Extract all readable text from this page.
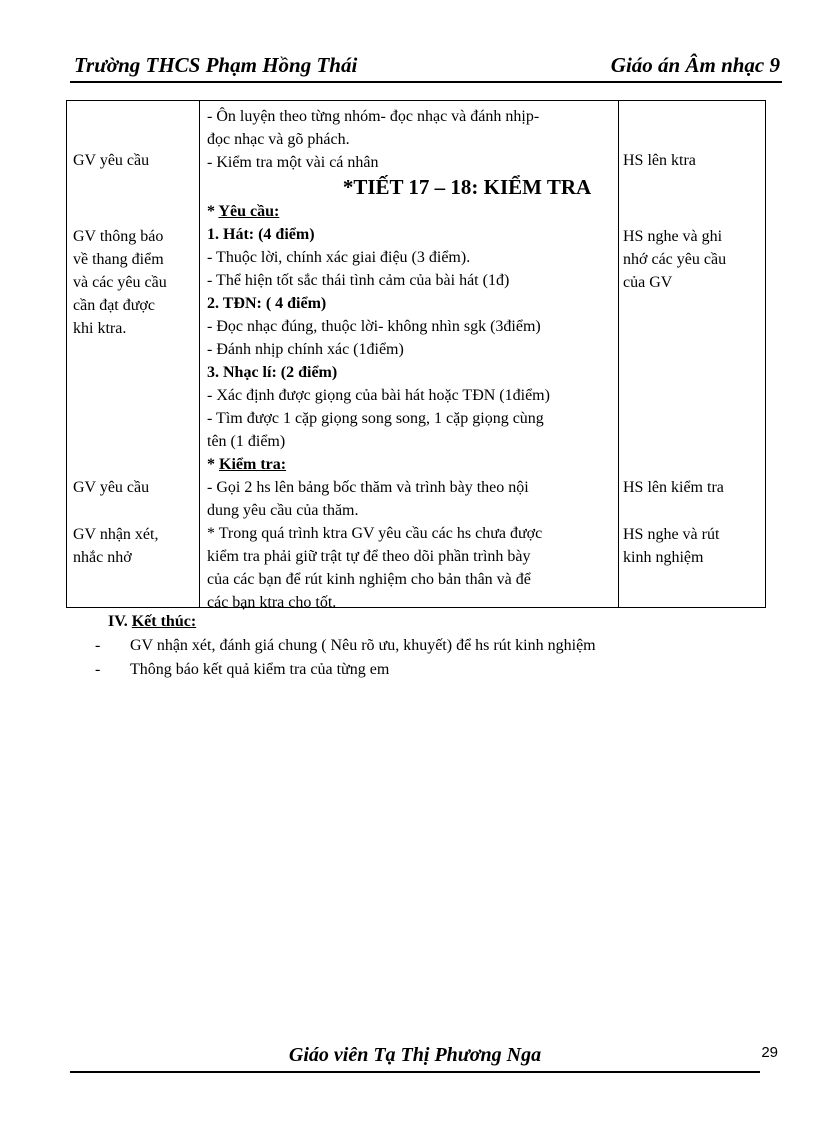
Trường THCS Phạm Hồng Thái	Giáo án Âm nhạc 9
GV yêu cầu
GV thông báo
về thang điểm
và các yêu cầu
cần đạt được
khi ktra.
GV yêu cầu
GV nhận xét,
nhắc nhở
- Ôn luyện theo từng nhóm- đọc nhạc và đánh nhịp-
đọc nhạc và gõ phách.
- Kiểm tra một vài cá nhân
*TIẾT 17 – 18: KIỂM TRA
* Yêu cầu:
1. Hát: (4 điểm)
- Thuộc lời, chính xác giai điệu (3 điểm).
- Thể hiện tốt sắc thái tình cảm của bài hát (1đ)
2. TĐN: ( 4 điểm)
- Đọc nhạc đúng, thuộc lời- không nhìn sgk (3điểm)
- Đánh nhịp chính xác (1điểm)
3. Nhạc lí: (2 điểm)
- Xác định được giọng của bài hát hoặc TĐN (1điểm)
- Tìm được 1 cặp giọng song song, 1 cặp giọng cùng
tên (1 điểm)
* Kiểm tra:
- Gọi 2 hs lên bảng bốc thăm và trình bày theo nội
dung yêu cầu của thăm.
* Trong quá trình ktra GV yêu cầu các hs chưa được
kiểm tra phải giữ trật tự để theo dõi phần trình bày
của các bạn để rút kinh nghiệm cho bản thân và để
các bạn ktra cho tốt.
HS lên ktra
HS nghe và ghi
nhớ các yêu cầu
của GV
HS lên kiểm tra
HS nghe và rút
kinh nghiệm
IV. Kết thúc:
- GV nhận xét, đánh giá chung ( Nêu rõ ưu, khuyết) để hs rút kinh nghiệm
- Thông báo kết quả kiểm tra của từng em
Giáo viên Tạ Thị Phương Nga	29
